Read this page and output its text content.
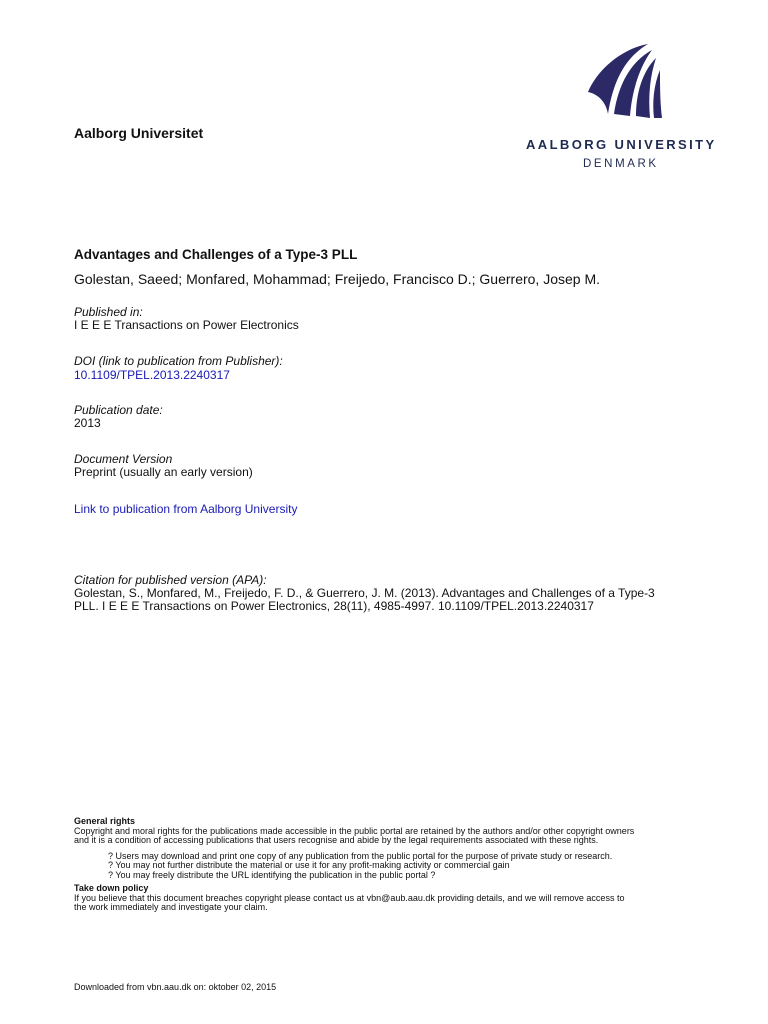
Aalborg Universitet
AALBORG UNIVERSITY
DENMARK
Advantages and Challenges of a Type-3 PLL
Golestan, Saeed; Monfared, Mohammad; Freijedo, Francisco D.; Guerrero, Josep M.
Published in:
I E E E Transactions on Power Electronics
DOI (link to publication from Publisher):
10.1109/TPEL.2013.2240317
Publication date:
2013
Document Version
Preprint (usually an early version)
Link to publication from Aalborg University
Citation for published version (APA):
Golestan, S., Monfared, M., Freijedo, F. D., & Guerrero, J. M. (2013). Advantages and Challenges of a Type-3
PLL. I E E E Transactions on Power Electronics, 28(11), 4985-4997. 10.1109/TPEL.2013.2240317
General rights
Copyright and moral rights for the publications made accessible in the public portal are retained by the authors and/or other copyright owners
and it is a condition of accessing publications that users recognise and abide by the legal requirements associated with these rights.
? Users may download and print one copy of any publication from the public portal for the purpose of private study or research.
? You may not further distribute the material or use it for any profit-making activity or commercial gain
? You may freely distribute the URL identifying the publication in the public portal ?
Take down policy
If you believe that this document breaches copyright please contact us at vbn@aub.aau.dk providing details, and we will remove access to
the work immediately and investigate your claim.
Downloaded from vbn.aau.dk on: oktober 02, 2015
